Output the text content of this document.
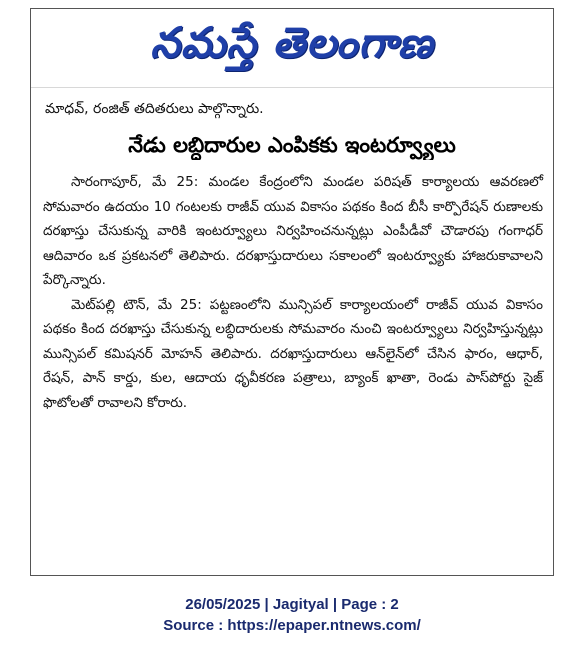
నమస్తే తెలంగాణ
మాధవ్, రంజిత్ తదితరులు పాల్గొన్నారు.
నేడు లబ్ధిదారుల ఎంపికకు ఇంటర్వ్యూలు

సారంగాపూర్, మే 25: మండల కేంద్రంలోని మండల పరిషత్ కార్యాలయ ఆవరణలో సోమవారం ఉదయం 10 గంటలకు రాజీవ్ యువ వికాసం పథకం కింద బీసీ కార్పొరేషన్ రుణాలకు దరఖాస్తు చేసుకున్న వారికి ఇంటర్వ్యూలు నిర్వహించనున్నట్లు ఎంపీడీవో చౌడారపు గంగాధర్ ఆదివారం ఒక ప్రకటనలో తెలిపారు. దరఖాస్తుదారులు సకాలంలో ఇంటర్వ్యూకు హాజరుకావాలని పేర్కొన్నారు.

మెట్‌పల్లి టౌన్, మే 25: పట్టణంలోని మున్సిపల్ కార్యాలయంలో రాజీవ్ యువ వికాసం పథకం కింద దరఖాస్తు చేసుకున్న లబ్ధిదారులకు సోమవారం నుంచి ఇంటర్వ్యూలు నిర్వహిస్తున్నట్లు మున్సిపల్ కమిషనర్ మోహన్ తెలిపారు. దరఖాస్తుదారులు ఆన్‌లైన్‌లో చేసిన ఫారం, ఆధార్, రేషన్, పాన్ కార్డు, కుల, ఆదాయ ధృవీకరణ పత్రాలు, బ్యాంక్ ఖాతా, రెండు పాస్‌పోర్టు సైజ్ ఫొటోలతో రావాలని కోరారు.

26/05/2025 | Jagityal | Page : 2
Source : https://epaper.ntnews.com/
